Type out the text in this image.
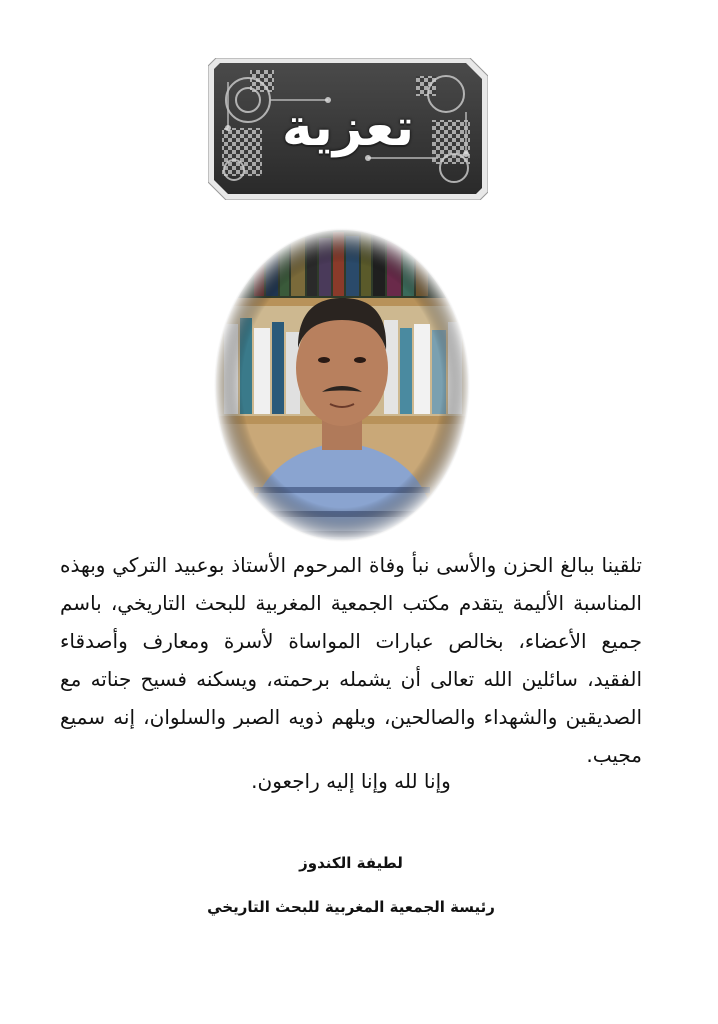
تعزية
تلقينا ببالغ الحزن والأسى نبأ وفاة المرحوم الأستاذ بوعبيد التركي وبهذه المناسبة الأليمة يتقدم مكتب الجمعية المغربية للبحث التاريخي، باسم جميع الأعضاء، بخالص عبارات المواساة لأسرة ومعارف وأصدقاء الفقيد، سائلين الله تعالى أن يشمله برحمته، ويسكنه فسيح جناته مع الصديقين والشهداء والصالحين، ويلهم ذويه الصبر والسلوان، إنه سميع مجيب.
وإنا لله وإنا إليه راجعون.
لطيفة الكندوز
رئيسة الجمعية المغربية للبحث التاريخي
